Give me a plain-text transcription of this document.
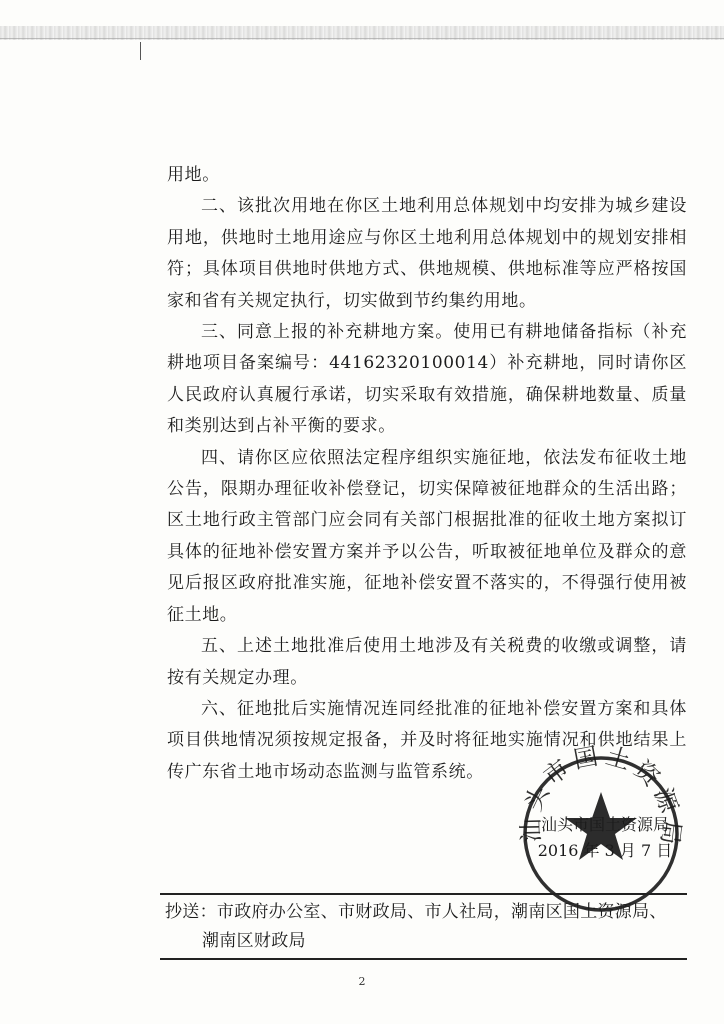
用地。

二、该批次用地在你区土地利用总体规划中均安排为城乡建设用地，供地时土地用途应与你区土地利用总体规划中的规划安排相符；具体项目供地时供地方式、供地规模、供地标准等应严格按国家和省有关规定执行，切实做到节约集约用地。

三、同意上报的补充耕地方案。使用已有耕地储备指标（补充耕地项目备案编号：44162320100014）补充耕地，同时请你区人民政府认真履行承诺，切实采取有效措施，确保耕地数量、质量和类别达到占补平衡的要求。

四、请你区应依照法定程序组织实施征地，依法发布征收土地公告，限期办理征收补偿登记，切实保障被征地群众的生活出路；区土地行政主管部门应会同有关部门根据批准的征收土地方案拟订具体的征地补偿安置方案并予以公告，听取被征地单位及群众的意见后报区政府批准实施，征地补偿安置不落实的，不得强行使用被征土地。

五、上述土地批准后使用土地涉及有关税费的收缴或调整，请按有关规定办理。

六、征地批后实施情况连同经批准的征地补偿安置方案和具体项目供地情况须按规定报备，并及时将征地实施情况和供地结果上传广东省土地市场动态监测与监管系统。

汕头市国土资源局
汕头市国土资源局
2016 年 3 月 7 日
抄送：市政府办公室、市财政局、市人社局，潮南区国土资源局、
潮南区财政局
2
